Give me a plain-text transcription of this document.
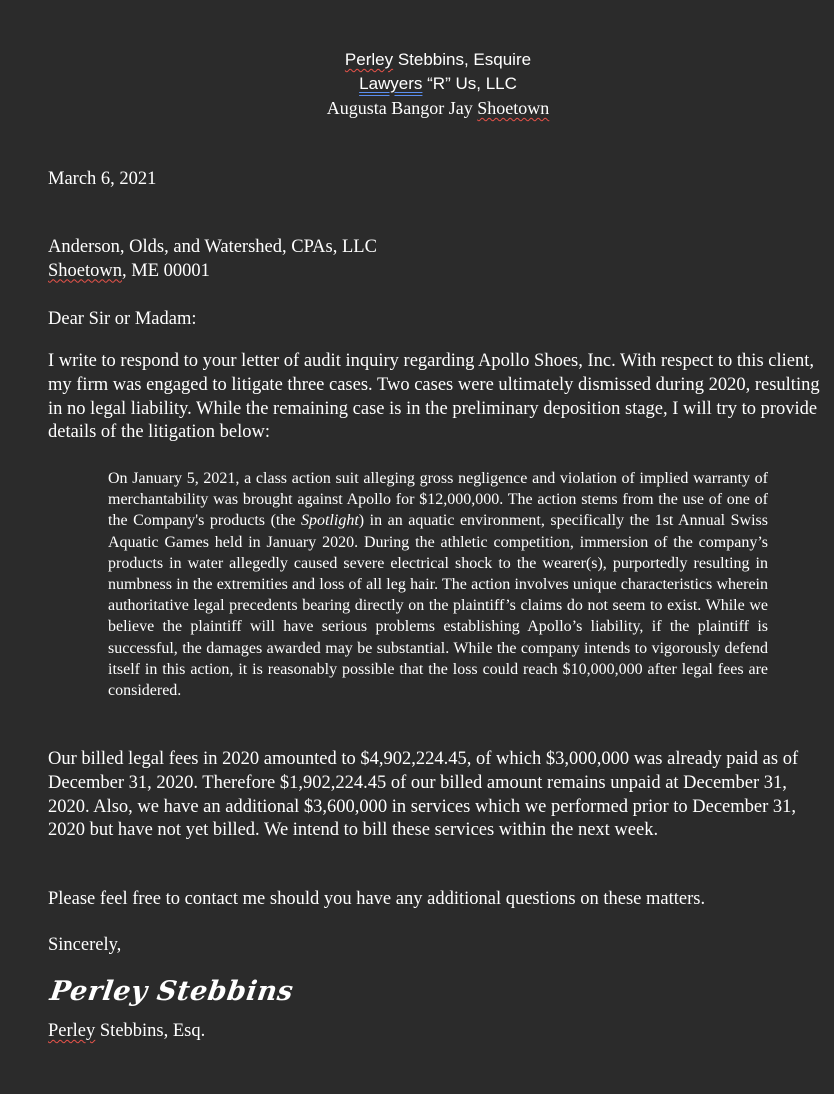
Perley Stebbins, Esquire
Lawyers “R” Us, LLC
Augusta Bangor Jay Shoetown
March 6, 2021
Anderson, Olds, and Watershed, CPAs, LLC
Shoetown, ME 00001
Dear Sir or Madam:

I write to respond to your letter of audit inquiry regarding Apollo Shoes, Inc. With respect to this client, my firm was engaged to litigate three cases. Two cases were ultimately dismissed during 2020, resulting in no legal liability. While the remaining case is in the preliminary deposition stage, I will try to provide details of the litigation below:

On January 5, 2021, a class action suit alleging gross negligence and violation of implied warranty of merchantability was brought against Apollo for $12,000,000. The action stems from the use of one of the Company's products (the Spotlight) in an aquatic environment, specifically the 1st Annual Swiss Aquatic Games held in January 2020. During the athletic competition, immersion of the company’s products in water allegedly caused severe electrical shock to the wearer(s), purportedly resulting in numbness in the extremities and loss of all leg hair. The action involves unique characteristics wherein authoritative legal precedents bearing directly on the plaintiff’s claims do not seem to exist. While we believe the plaintiff will have serious problems establishing Apollo’s liability, if the plaintiff is successful, the damages awarded may be substantial. While the company intends to vigorously defend itself in this action, it is reasonably possible that the loss could reach $10,000,000 after legal fees are considered.

Our billed legal fees in 2020 amounted to $4,902,224.45, of which $3,000,000 was already paid as of December 31, 2020. Therefore $1,902,224.45 of our billed amount remains unpaid at December 31, 2020. Also, we have an additional $3,600,000 in services which we performed prior to December 31, 2020 but have not yet billed. We intend to bill these services within the next week.

Please feel free to contact me should you have any additional questions on these matters.

Sincerely,

Perley Stebbins
Perley Stebbins, Esq.
